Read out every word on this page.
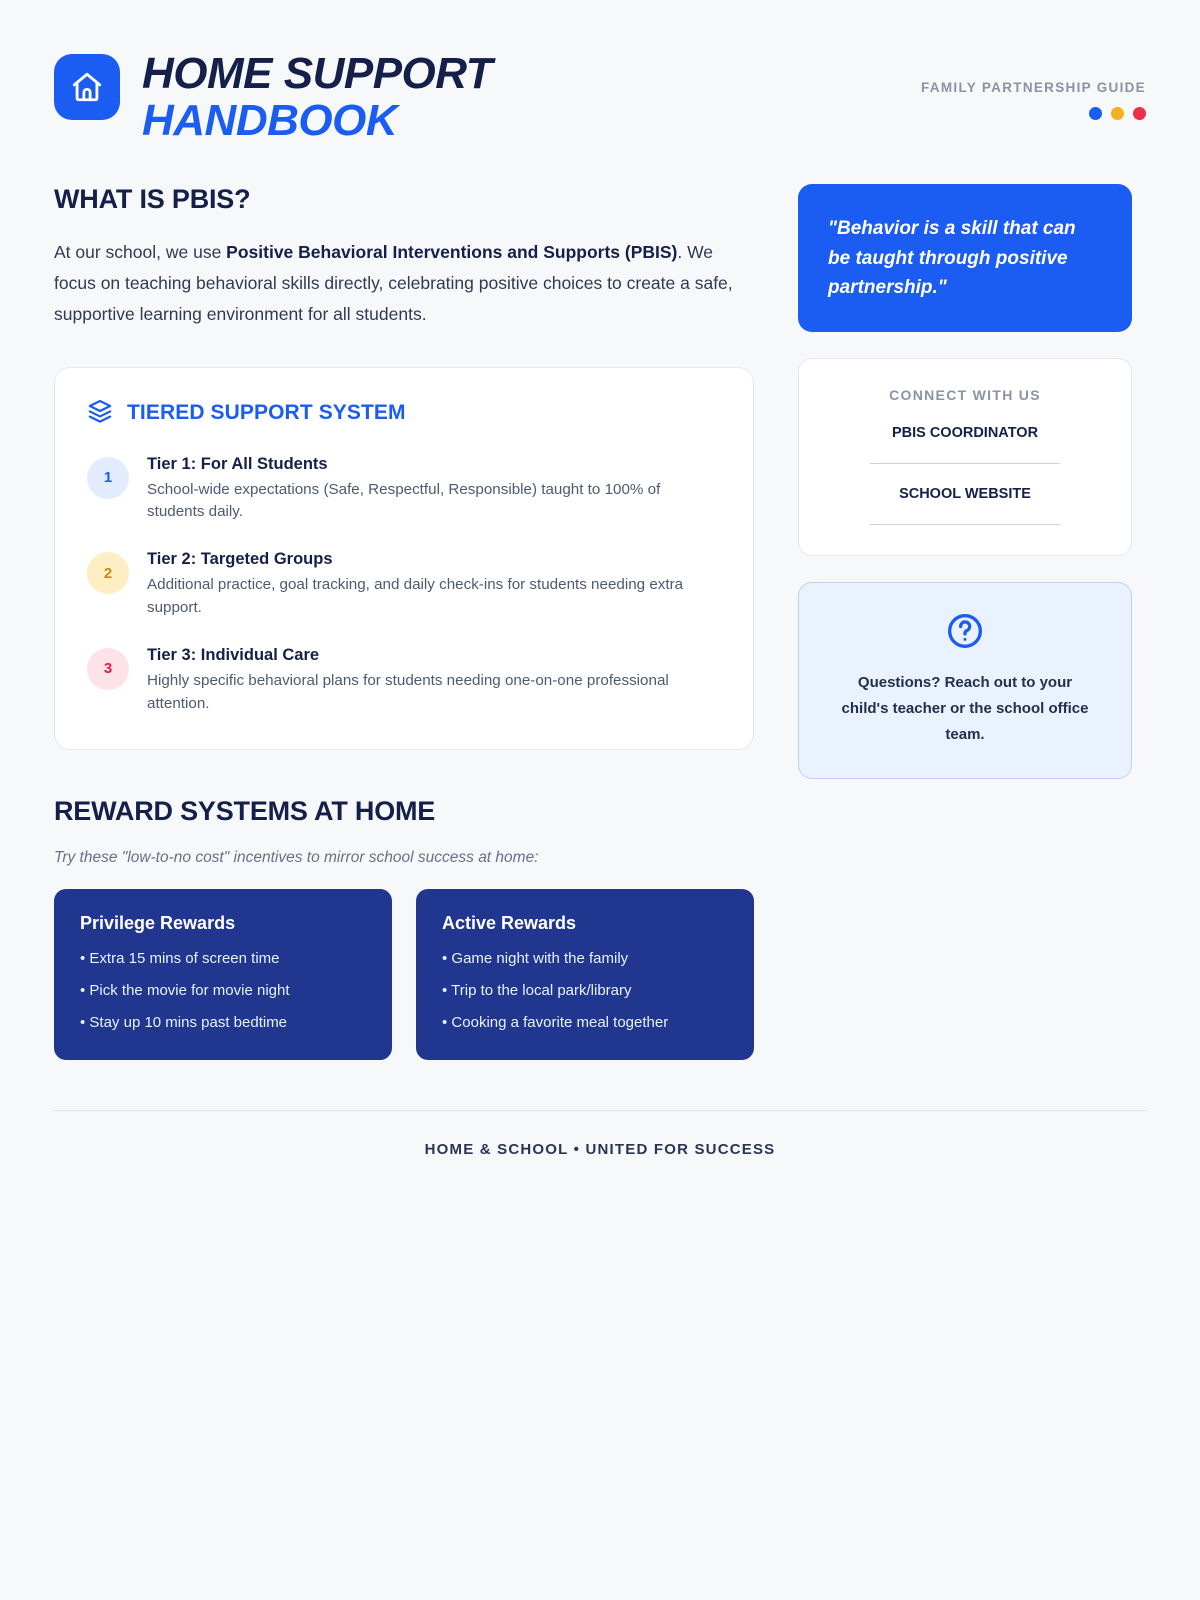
HOME SUPPORT
HANDBOOK
FAMILY PARTNERSHIP GUIDE
WHAT IS PBIS?

At our school, we use Positive Behavioral Interventions and Supports (PBIS). We focus on teaching behavioral skills directly, celebrating positive choices to create a safe, supportive learning environment for all students.

TIERED SUPPORT SYSTEM
1
Tier 1: For All Students

School-wide expectations (Safe, Respectful, Responsible) taught to 100% of students daily.

2
Tier 2: Targeted Groups

Additional practice, goal tracking, and daily check-ins for students needing extra support.

3
Tier 3: Individual Care

Highly specific behavioral plans for students needing one-on-one professional attention.

REWARD SYSTEMS AT HOME
Try these "low-to-no cost" incentives to mirror school success at home:
Privilege Rewards
• Extra 15 mins of screen time
• Pick the movie for movie night
• Stay up 10 mins past bedtime
Active Rewards
• Game night with the family
• Trip to the local park/library
• Cooking a favorite meal together
"Behavior is a skill that can be taught through positive partnership."
CONNECT WITH US
PBIS COORDINATOR
SCHOOL WEBSITE
Questions? Reach out to your child's teacher or the school office team.
HOME & SCHOOL • UNITED FOR SUCCESS
